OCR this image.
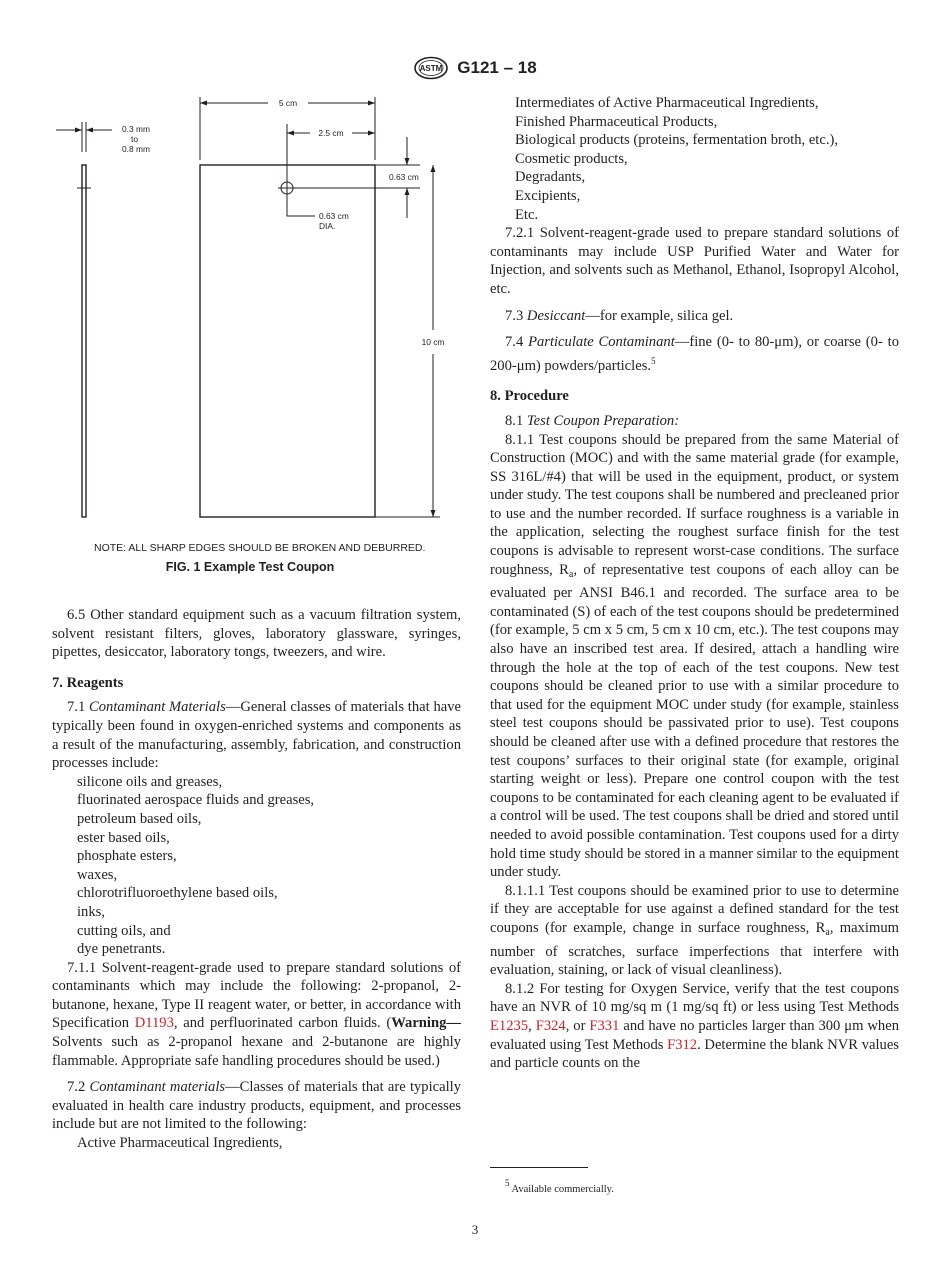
ASTM G121 – 18
5 cm
2.5 cm
0.3 mm
to
0.8 mm
0.63 cm
0.63 cm
DIA.
10 cm
NOTE: ALL SHARP EDGES SHOULD BE BROKEN AND DEBURRED.
FIG. 1 Example Test Coupon

6.5 Other standard equipment such as a vacuum filtration system, solvent resistant filters, gloves, laboratory glassware, syringes, pipettes, desiccator, laboratory tongs, tweezers, and wire.

7. Reagents

7.1 Contaminant Materials—General classes of materials that have typically been found in oxygen-enriched systems and components as a result of the manufacturing, assembly, fabrication, and construction processes include:

silicone oils and greases,
fluorinated aerospace fluids and greases,
petroleum based oils,
ester based oils,
phosphate esters,
waxes,
chlorotrifluoroethylene based oils,
inks,
cutting oils, and
dye penetrants.

7.1.1 Solvent-reagent-grade used to prepare standard solutions of contaminants which may include the following: 2-propanol, 2-butanone, hexane, Type II reagent water, or better, in accordance with Specification D1193, and perfluorinated carbon fluids. (Warning—Solvents such as 2-propanol hexane and 2-butanone are highly flammable. Appropriate safe handling procedures should be used.)

7.2 Contaminant materials—Classes of materials that are typically evaluated in health care industry products, equipment, and processes include but are not limited to the following:

Active Pharmaceutical Ingredients,
Intermediates of Active Pharmaceutical Ingredients,
Finished Pharmaceutical Products,
Biological products (proteins, fermentation broth, etc.),
Cosmetic products,
Degradants,
Excipients,
Etc.

7.2.1 Solvent-reagent-grade used to prepare standard solutions of contaminants may include USP Purified Water and Water for Injection, and solvents such as Methanol, Ethanol, Isopropyl Alcohol, etc.

7.3 Desiccant—for example, silica gel.

7.4 Particulate Contaminant—fine (0- to 80-μm), or coarse (0- to 200-μm) powders/particles.$^5$

8. Procedure

8.1 Test Coupon Preparation:

8.1.1 Test coupons should be prepared from the same Material of Construction (MOC) and with the same material grade (for example, SS 316L/#4) that will be used in the equipment, product, or system under study. The test coupons shall be numbered and precleaned prior to use and the number recorded. If surface roughness is a variable in the application, selecting the roughest surface finish for the test coupons is advisable to represent worst-case conditions. The surface roughness, $R_a$, of representative test coupons of each alloy can be evaluated per ANSI B46.1 and recorded. The surface area to be contaminated (S) of each of the test coupons should be predetermined (for example, 5 cm x 5 cm, 5 cm x 10 cm, etc.). The test coupons may also have an inscribed test area. If desired, attach a handling wire through the hole at the top of each of the test coupons. New test coupons should be cleaned prior to use with a similar procedure to that used for the equipment MOC under study (for example, stainless steel test coupons should be passivated prior to use). Test coupons should be cleaned after use with a defined procedure that restores the test coupons’ surfaces to their original state (for example, original starting weight or less). Prepare one control coupon with the test coupons to be contaminated for each cleaning agent to be evaluated if a control will be used. The test coupons shall be dried and stored until needed to avoid possible contamination. Test coupons used for a dirty hold time study should be stored in a manner similar to the equipment under study.

8.1.1.1 Test coupons should be examined prior to use to determine if they are acceptable for use against a defined standard for the test coupons (for example, change in surface roughness, $R_a$, maximum number of scratches, surface imperfections that interfere with evaluation, staining, or lack of visual cleanliness).

8.1.2 For testing for Oxygen Service, verify that the test coupons have an NVR of 10 mg/sq m (1 mg/sq ft) or less using Test Methods E1235, F324, or F331 and have no particles larger than 300 μm when evaluated using Test Methods F312. Determine the blank NVR values and particle counts on the

5 Available commercially.
3
